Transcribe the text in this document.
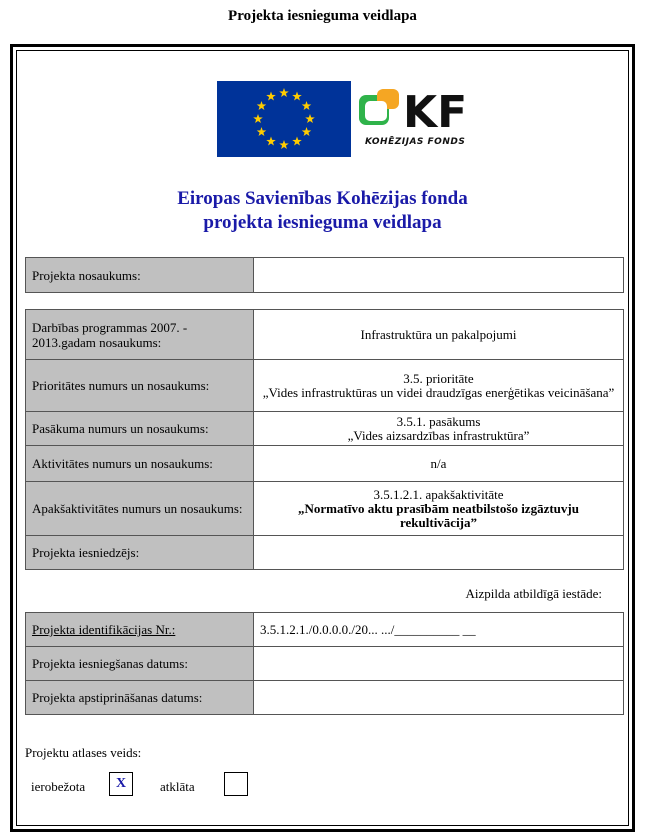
Projekta iesnieguma veidlapa
KF
KOHĒZIJAS FONDS
Eiropas Savienības Kohēzijas fonda
projekta iesnieguma veidlapa
Projekta nosaukums:	
Darbības programmas 2007. - 2013.gadam nosaukums:	Infrastruktūra un pakalpojumi

Prioritātes numurs un nosaukums:	3.5. prioritāte
„Vides infrastruktūras un videi draudzīgas enerģētikas veicināšana”

Pasākuma numurs un nosaukums:	3.5.1. pasākums
„Vides aizsardzības infrastruktūra”

Aktivitātes numurs un nosaukums:	n/a

Apakšaktivitātes numurs un nosaukums:	3.5.1.2.1. apakšaktivitāte
„Normatīvo aktu prasībām neatbilstošo izgāztuvju rekultivācija”

Projekta iesniedzējs:	
Aizpilda atbildīgā iestāde:
Projekta identifikācijas Nr.:	3.5.1.2.1./0.0.0.0./20... .../__________ __
Projekta iesniegšanas datums:	
Projekta apstiprināšanas datums:	
Projektu atlases veids:
ierobežota	X	atklāta
